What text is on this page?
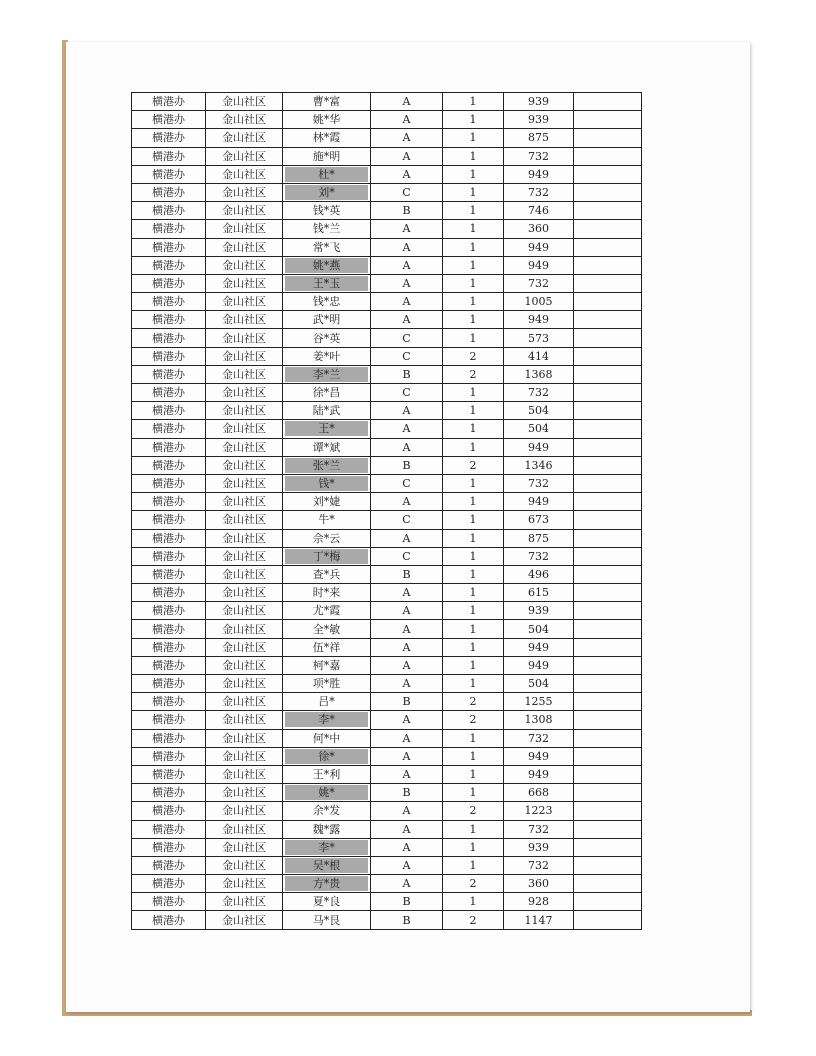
横港办	金山社区	曹*富	A	1	939	
横港办	金山社区	姚*华	A	1	939	
横港办	金山社区	林*霞	A	1	875	
横港办	金山社区	施*明	A	1	732	
横港办	金山社区	杜*	A	1	949	
横港办	金山社区	刘*	C	1	732	
横港办	金山社区	钱*英	B	1	746	
横港办	金山社区	钱*兰	A	1	360	
横港办	金山社区	常*飞	A	1	949	
横港办	金山社区	姚*燕	A	1	949	
横港办	金山社区	王*玉	A	1	732	
横港办	金山社区	钱*忠	A	1	1005	
横港办	金山社区	武*明	A	1	949	
横港办	金山社区	谷*英	C	1	573	
横港办	金山社区	姜*叶	C	2	414	
横港办	金山社区	李*兰	B	2	1368	
横港办	金山社区	徐*昌	C	1	732	
横港办	金山社区	陆*武	A	1	504	
横港办	金山社区	王*	A	1	504	
横港办	金山社区	谭*斌	A	1	949	
横港办	金山社区	张*兰	B	2	1346	
横港办	金山社区	钱*	C	1	732	
横港办	金山社区	刘*婕	A	1	949	
横港办	金山社区	牛*	C	1	673	
横港办	金山社区	佘*云	A	1	875	
横港办	金山社区	丁*梅	C	1	732	
横港办	金山社区	查*兵	B	1	496	
横港办	金山社区	时*来	A	1	615	
横港办	金山社区	尤*霞	A	1	939	
横港办	金山社区	全*敏	A	1	504	
横港办	金山社区	伍*祥	A	1	949	
横港办	金山社区	柯*嘉	A	1	949	
横港办	金山社区	项*胜	A	1	504	
横港办	金山社区	吕*	B	2	1255	
横港办	金山社区	李*	A	2	1308	
横港办	金山社区	何*中	A	1	732	
横港办	金山社区	徐*	A	1	949	
横港办	金山社区	王*利	A	1	949	
横港办	金山社区	姚*	B	1	668	
横港办	金山社区	余*发	A	2	1223	
横港办	金山社区	魏*露	A	1	732	
横港办	金山社区	李*	A	1	939	
横港办	金山社区	吴*根	A	1	732	
横港办	金山社区	方*贵	A	2	360	
横港办	金山社区	夏*良	B	1	928	
横港办	金山社区	马*艮	B	2	1147	
